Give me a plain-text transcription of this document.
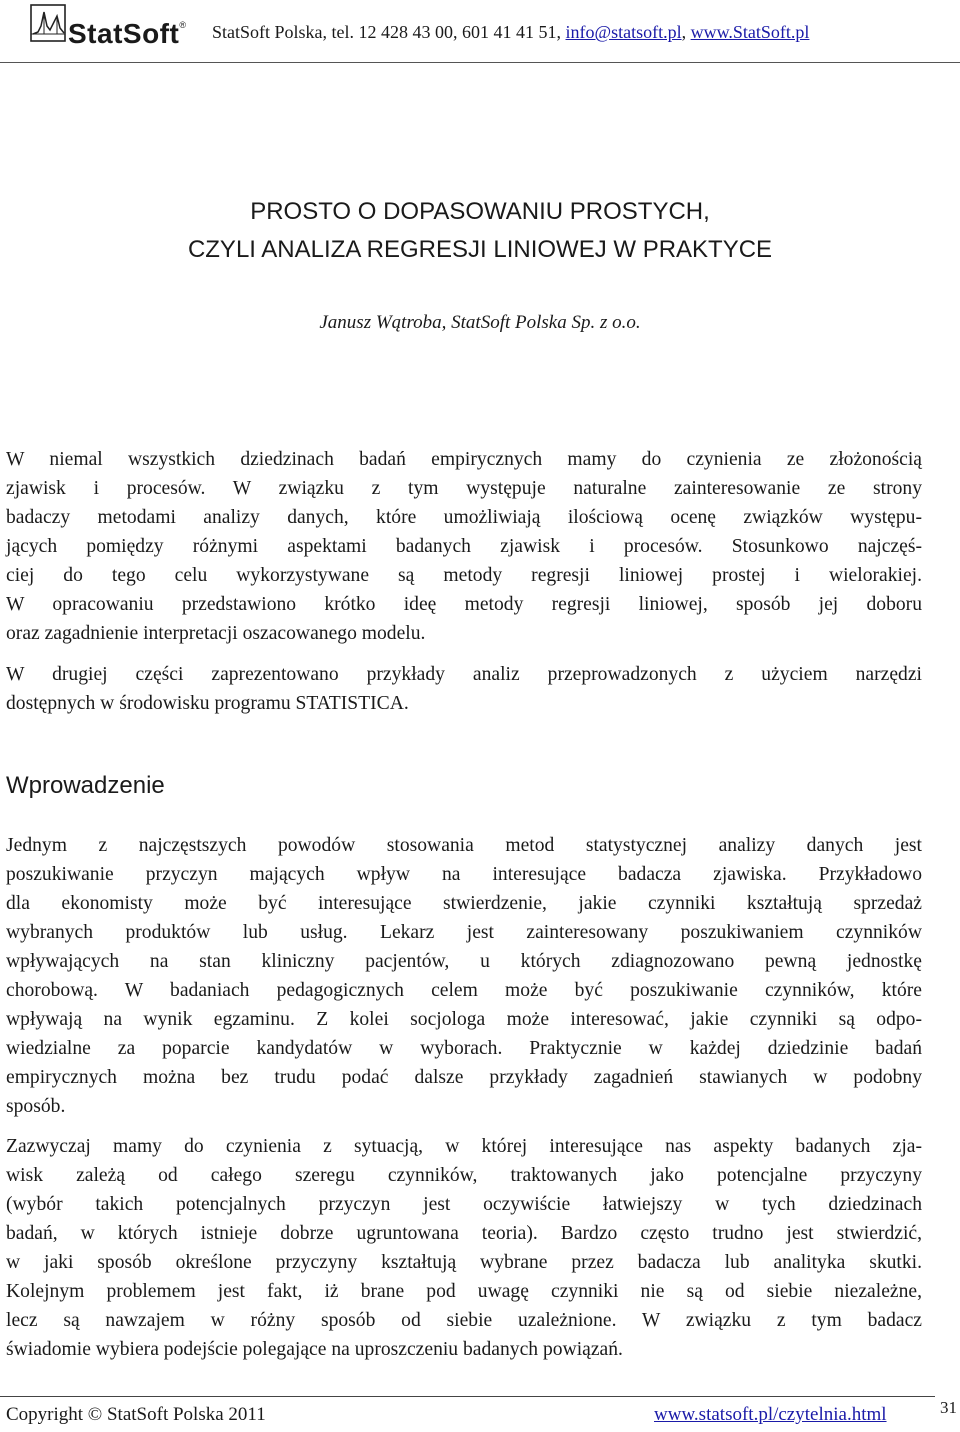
StatSoft® StatSoft Polska, tel. 12 428 43 00, 601 41 41 51, info@statsoft.pl, www.StatSoft.pl
PROSTO O DOPASOWANIU PROSTYCH,
CZYLI ANALIZA REGRESJI LINIOWEJ W PRAKTYCE
Janusz Wątroba, StatSoft Polska Sp. z o.o.
W niemal wszystkich dziedzinach badań empirycznych mamy do czynienia ze złożonością
zjawisk i procesów. W związku z tym występuje naturalne zainteresowanie ze strony
badaczy metodami analizy danych, które umożliwiają ilościową ocenę związków występu-
jących pomiędzy różnymi aspektami badanych zjawisk i procesów. Stosunkowo najczęś-
ciej do tego celu wykorzystywane są metody regresji liniowej prostej i wielorakiej.
W opracowaniu przedstawiono krótko ideę metody regresji liniowej, sposób jej doboru
oraz zagadnienie interpretacji oszacowanego modelu.
W drugiej części zaprezentowano przykłady analiz przeprowadzonych z użyciem narzędzi
dostępnych w środowisku programu STATISTICA.
Wprowadzenie
Jednym z najczęstszych powodów stosowania metod statystycznej analizy danych jest
poszukiwanie przyczyn mających wpływ na interesujące badacza zjawiska. Przykładowo
dla ekonomisty może być interesujące stwierdzenie, jakie czynniki kształtują sprzedaż
wybranych produktów lub usług. Lekarz jest zainteresowany poszukiwaniem czynników
wpływających na stan kliniczny pacjentów, u których zdiagnozowano pewną jednostkę
chorobową. W badaniach pedagogicznych celem może być poszukiwanie czynników, które
wpływają na wynik egzaminu. Z kolei socjologa może interesować, jakie czynniki są odpo-
wiedzialne za poparcie kandydatów w wyborach. Praktycznie w każdej dziedzinie badań
empirycznych można bez trudu podać dalsze przykłady zagadnień stawianych w podobny
sposób.
Zazwyczaj mamy do czynienia z sytuacją, w której interesujące nas aspekty badanych zja-
wisk zależą od całego szeregu czynników, traktowanych jako potencjalne przyczyny
(wybór takich potencjalnych przyczyn jest oczywiście łatwiejszy w tych dziedzinach
badań, w których istnieje dobrze ugruntowana teoria). Bardzo często trudno jest stwierdzić,
w jaki sposób określone przyczyny kształtują wybrane przez badacza lub analityka skutki.
Kolejnym problemem jest fakt, iż brane pod uwagę czynniki nie są od siebie niezależne,
lecz są nawzajem w różny sposób od siebie uzależnione. W związku z tym badacz
świadomie wybiera podejście polegające na uproszczeniu badanych powiązań.
Copyright © StatSoft Polska 2011	www.statsoft.pl/czytelnia.html	31
